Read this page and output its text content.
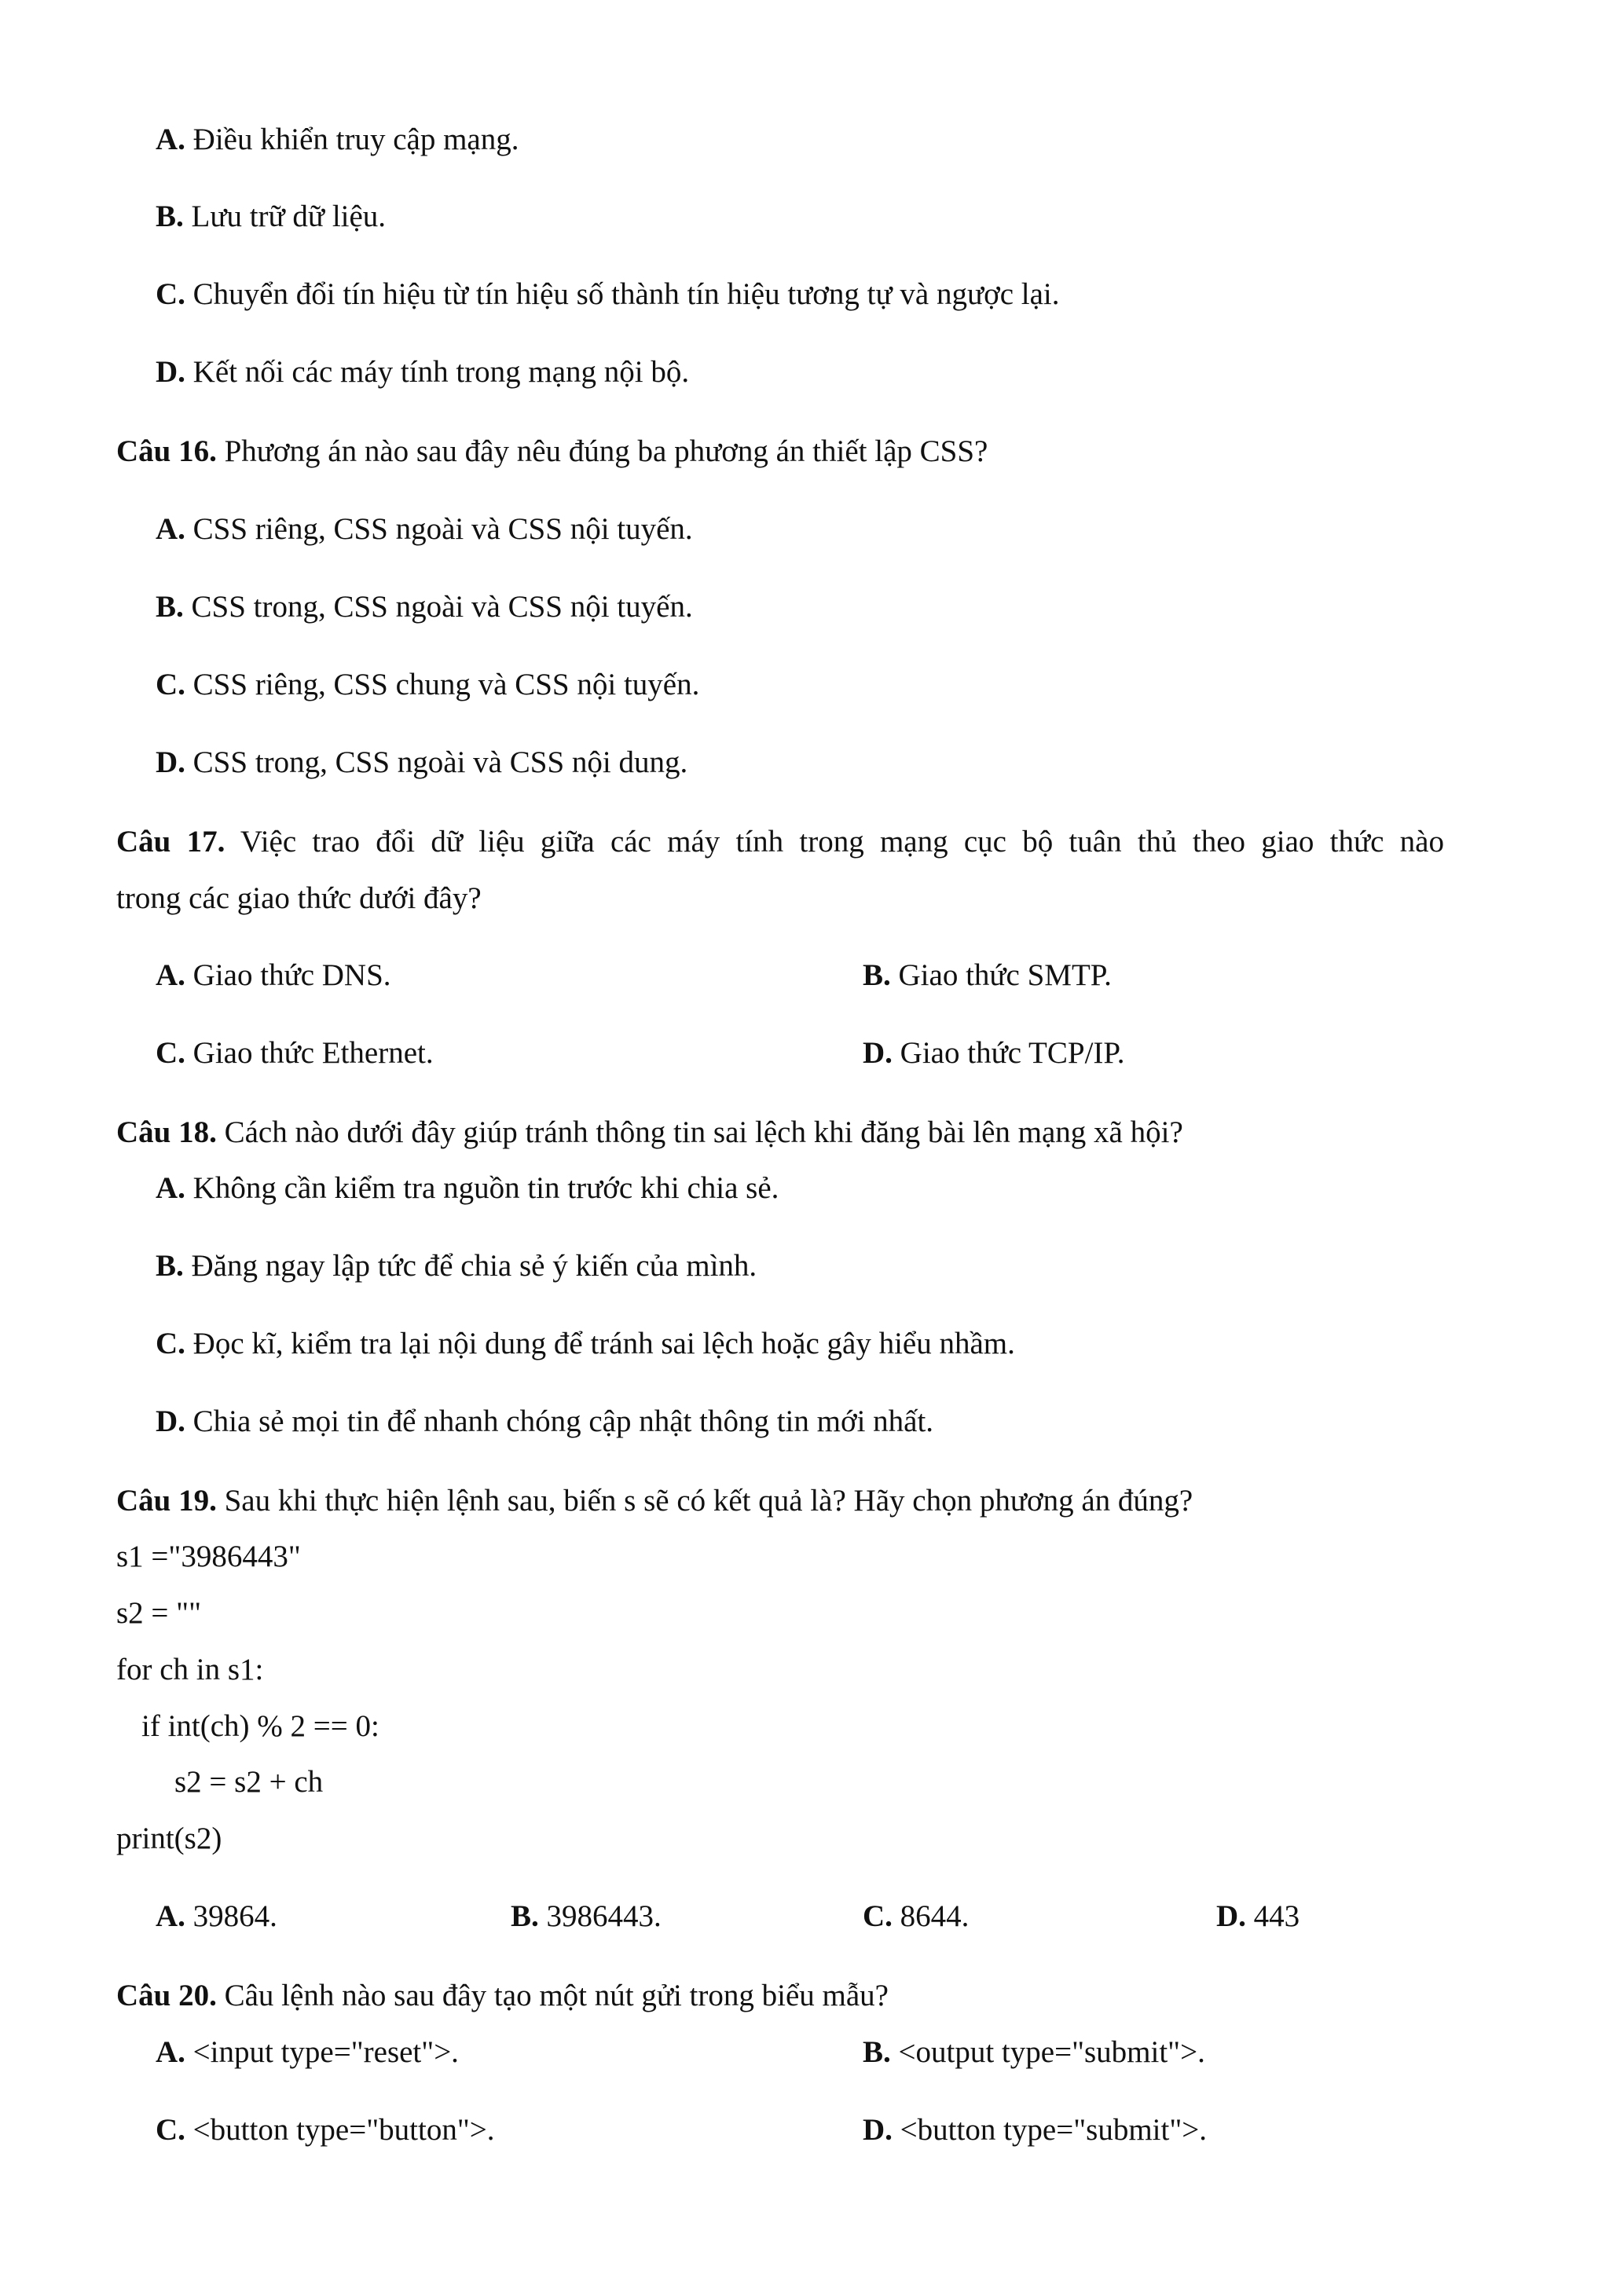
A. Điều khiển truy cập mạng.
B. Lưu trữ dữ liệu.
C. Chuyển đổi tín hiệu từ tín hiệu số thành tín hiệu tương tự và ngược lại.
D. Kết nối các máy tính trong mạng nội bộ.
Câu 16. Phương án nào sau đây nêu đúng ba phương án thiết lập CSS?
A. CSS riêng, CSS ngoài và CSS nội tuyến.
B. CSS trong, CSS ngoài và CSS nội tuyến.
C. CSS riêng, CSS chung và CSS nội tuyến.
D. CSS trong, CSS ngoài và CSS nội dung.
Câu 17. Việc trao đổi dữ liệu giữa các máy tính trong mạng cục bộ tuân thủ theo giao thức nào
trong các giao thức dưới đây?
A. Giao thức DNS.	B. Giao thức SMTP.
C. Giao thức Ethernet.	D. Giao thức TCP/IP.
Câu 18. Cách nào dưới đây giúp tránh thông tin sai lệch khi đăng bài lên mạng xã hội?
A. Không cần kiểm tra nguồn tin trước khi chia sẻ.
B. Đăng ngay lập tức để chia sẻ ý kiến của mình.
C. Đọc kĩ, kiểm tra lại nội dung để tránh sai lệch hoặc gây hiểu nhầm.
D. Chia sẻ mọi tin để nhanh chóng cập nhật thông tin mới nhất.
Câu 19. Sau khi thực hiện lệnh sau, biến s sẽ có kết quả là? Hãy chọn phương án đúng?
s1 ="3986443"
s2 = ""
for ch in s1:
if int(ch) % 2 == 0:
s2 = s2 + ch
print(s2)
A. 39864.	B. 3986443.	C. 8644.	D. 443
Câu 20. Câu lệnh nào sau đây tạo một nút gửi trong biểu mẫu?
A. <input type="reset">.	B. <output type="submit">.
C. <button type="button">.	D. <button type="submit">.
